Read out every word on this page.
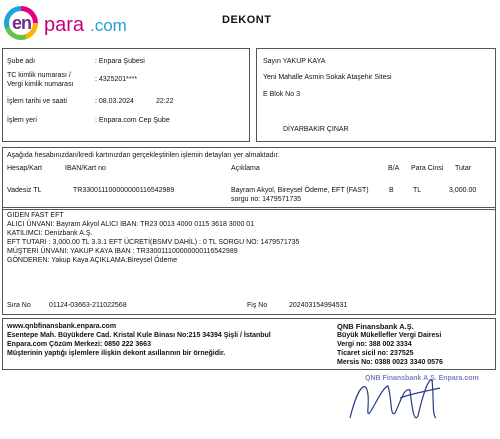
en para .com	DEKONT
Şube adı	: Enpara Şubesi
TC kimlik numarası /
Vergi kimlik numarası
: 4325201****
İşlem tarihi ve saati	: 08.03.2024	22:22
İşlem yeri	: Enpara.com Cep Şube
Sayın YAKUP KAYA
Yeni Mahalle Asmin Sokak Ataşehir Sitesi
E Blok No 3
DİYARBAKIR ÇINAR
Aşağıda hesabınızdan/kredi kartınızdan gerçekleştirilen işlemin detayları yer almaktadır.
Hesap/Kart	IBAN/Kart no	Açıklama	B/A Para Cinsi Tutar
Vadesiz TL	TR330011100000000116542989	Bayram Akyol, Bireysel Ödeme, EFT (FAST)
sorgu no: 1479571735
B	TL	3,000.00
GIDEN FAST EFT
ALICI ÜNVANI: Bayram Akyol ALICI IBAN: TR23 0013 4000 0115 3618 3000 01
KATILIMCI: Denizbank A.Ş.
EFT TUTARI : 3,000.00 TL 3.3.1 EFT ÜCRETİ(BSMV DAHİL) : 0 TL SORGU NO: 1479571735
MÜŞTERİ ÜNVANI: YAKUP KAYA IBAN : TR330011100000000116542989
GÖNDEREN: Yakup Kaya AÇIKLAMA:Bireysel Ödeme
Sıra No	01124-03663-211022568	Fiş No	202403154994531
www.qnbfinansbank.enpara.com
Esentepe Mah. Büyükdere Cad. Kristal Kule Binası No:215 34394 Şişli / İstanbul
Enpara.com Çözüm Merkezi: 0850 222 3663
Müşterinin yaptığı işlemlere ilişkin dekont asıllarının bir örneğidir.
QNB Finansbank A.Ş.
Büyük Mükellefler Vergi Dairesi
Vergi no: 388 002 3334
Ticaret sicil no: 237525
Mersis No: 0388 0023 3340 0576
QNB Finansbank A.Ş. Enpara.com
